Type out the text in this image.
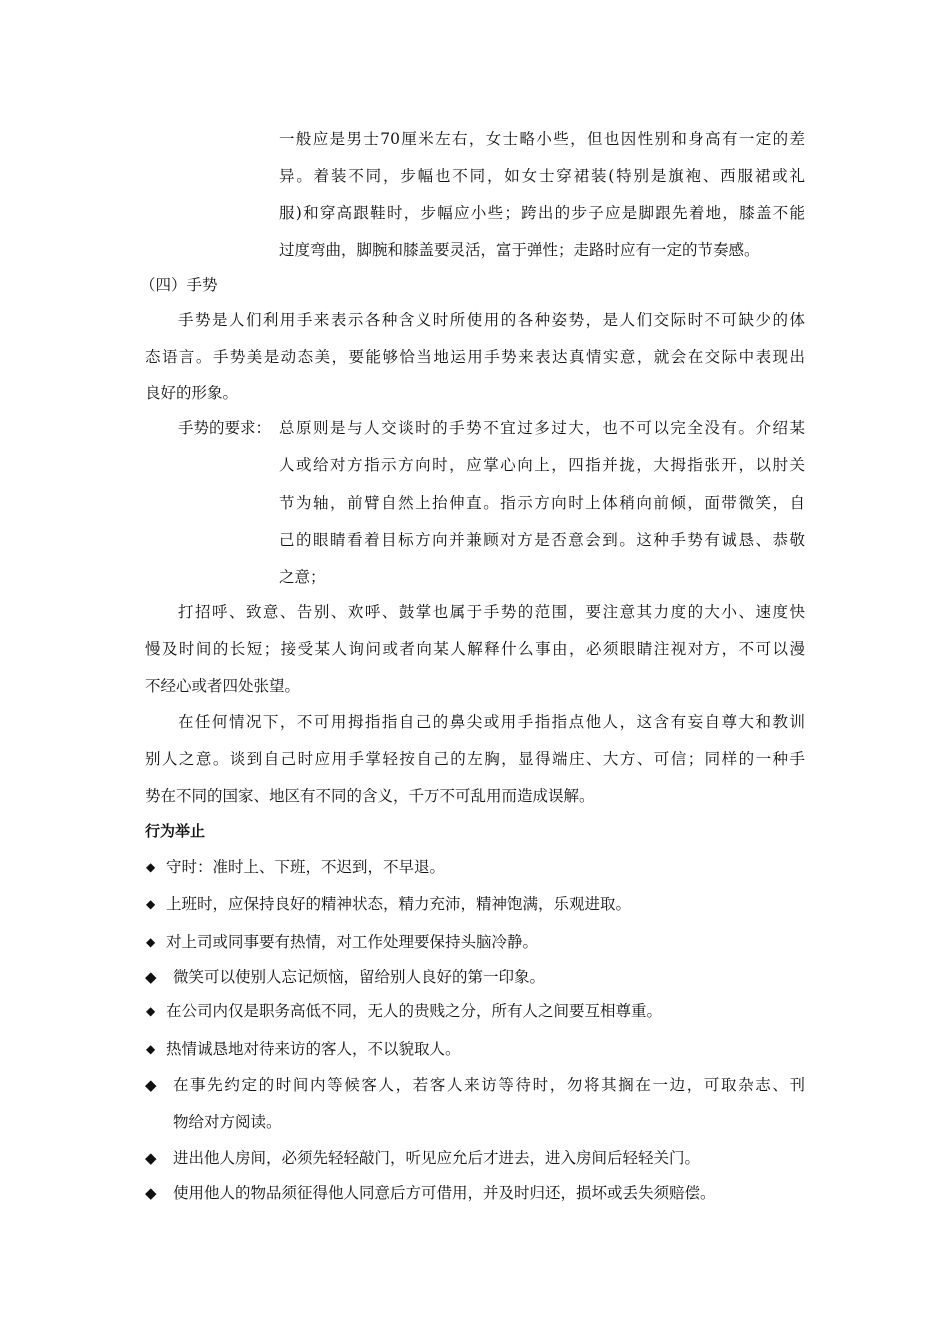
一般应是男士70厘米左右，女士略小些，但也因性别和身高有一定的差
异。着装不同，步幅也不同，如女士穿裙装(特别是旗袍、西服裙或礼
服)和穿高跟鞋时，步幅应小些；跨出的步子应是脚跟先着地，膝盖不能
过度弯曲，脚腕和膝盖要灵活，富于弹性；走路时应有一定的节奏感。
（四）手势
手势是人们利用手来表示各种含义时所使用的各种姿势，是人们交际时不可缺少的体
态语言。手势美是动态美，要能够恰当地运用手势来表达真情实意，就会在交际中表现出
良好的形象。
手势的要求： 总原则是与人交谈时的手势不宜过多过大，也不可以完全没有。介绍某
人或给对方指示方向时，应掌心向上，四指并拢，大拇指张开，以肘关
节为轴，前臂自然上抬伸直。指示方向时上体稍向前倾，面带微笑，自
己的眼睛看着目标方向并兼顾对方是否意会到。这种手势有诚恳、恭敬
之意；
打招呼、致意、告别、欢呼、鼓掌也属于手势的范围，要注意其力度的大小、速度快
慢及时间的长短；接受某人询问或者向某人解释什么事由，必须眼睛注视对方，不可以漫
不经心或者四处张望。
在任何情况下，不可用拇指指自己的鼻尖或用手指指点他人，这含有妄自尊大和教训
别人之意。谈到自己时应用手掌轻按自己的左胸，显得端庄、大方、可信；同样的一种手
势在不同的国家、地区有不同的含义，千万不可乱用而造成误解。
行为举止
◆ 守时：准时上、下班，不迟到，不早退。
◆ 上班时，应保持良好的精神状态，精力充沛，精神饱满，乐观进取。
◆ 对上司或同事要有热情，对工作处理要保持头脑冷静。
◆ 微笑可以使别人忘记烦恼，留给别人良好的第一印象。
◆ 在公司内仅是职务高低不同，无人的贵贱之分，所有人之间要互相尊重。
◆ 热情诚恳地对待来访的客人，不以貌取人。
◆ 在事先约定的时间内等候客人，若客人来访等待时，勿将其搁在一边，可取杂志、刊
物给对方阅读。
◆ 进出他人房间，必须先轻轻敲门，听见应允后才进去，进入房间后轻轻关门。
◆ 使用他人的物品须征得他人同意后方可借用，并及时归还，损坏或丢失须赔偿。
